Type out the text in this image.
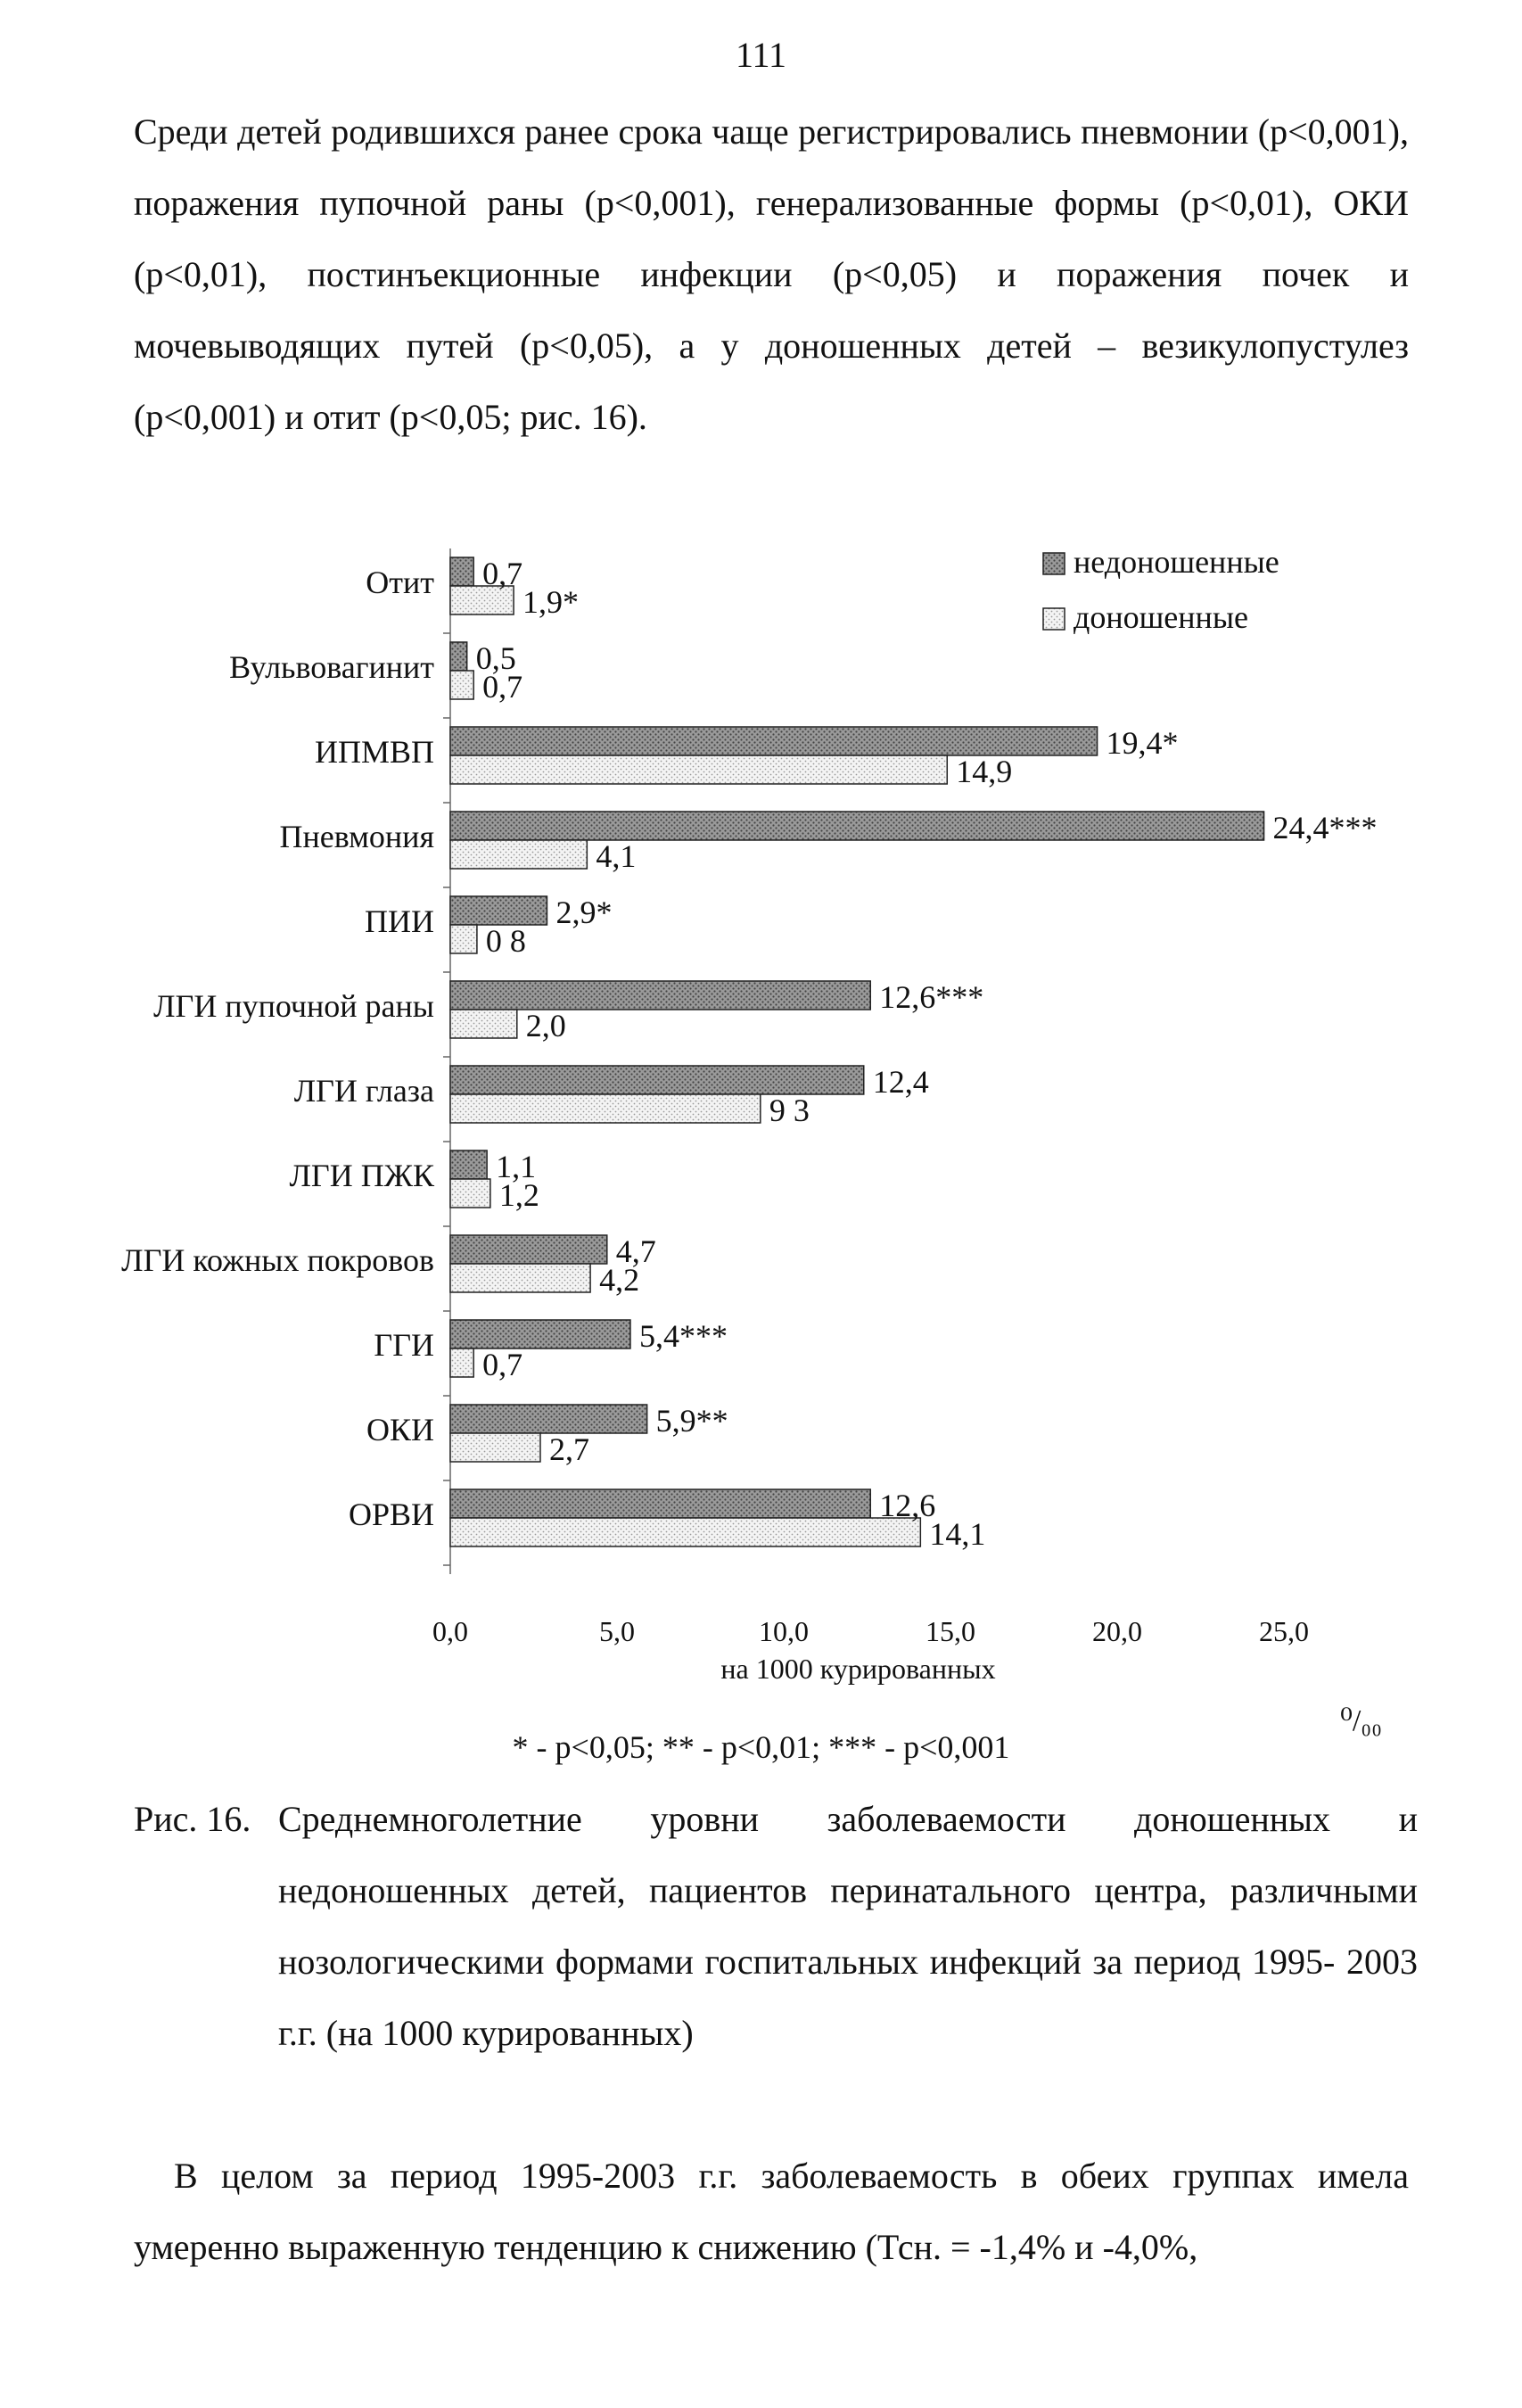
111

Среди детей родившихся ранее срока чаще регистрировались пневмонии (p<0,001), поражения пупочной раны (p<0,001), генерализованные формы (p<0,01), ОКИ (p<0,01), постинъекционные инфекции (p<0,05) и поражения почек и мочевыводящих путей (p<0,05), а у доношенных детей – везикулопустулез (p<0,001) и отит (p<0,05; рис. 16).

Отит 0,7
1,9*
Вульвовагинит 0,5
0,7
ИПМВП	19,4*
14,9
Пневмония	24,4***
4,1
ПИИ	2,9*
0 8
ЛГИ пупочной раны	12,6***
2,0
ЛГИ глаза	12,4
9 3
ЛГИ ПЖК 1,1
1,2
ЛГИ кожных покровов	4,7
4,2
ГГИ	5,4***
0,7
ОКИ	5,9**
2,7
ОРВИ	12,6
14,1
0,0	5,0	10,0	15,0	20,0	25,0
на 1000 курированных
⁰/₀₀
недоношенные
доношенные
* - p<0,05; ** - p<0,01; *** - p<0,001
Рис. 16. Среднемноголетние уровни заболеваемости доношенных и недоношенных детей, пациентов перинатального центра, различными нозологическими формами госпитальных инфекций за период 1995- 2003 г.г. (на 1000 курированных)

В целом за период 1995-2003 г.г. заболеваемость в обеих группах имела умеренно выраженную тенденцию к снижению (Тсн. = -1,4% и -4,0%,
